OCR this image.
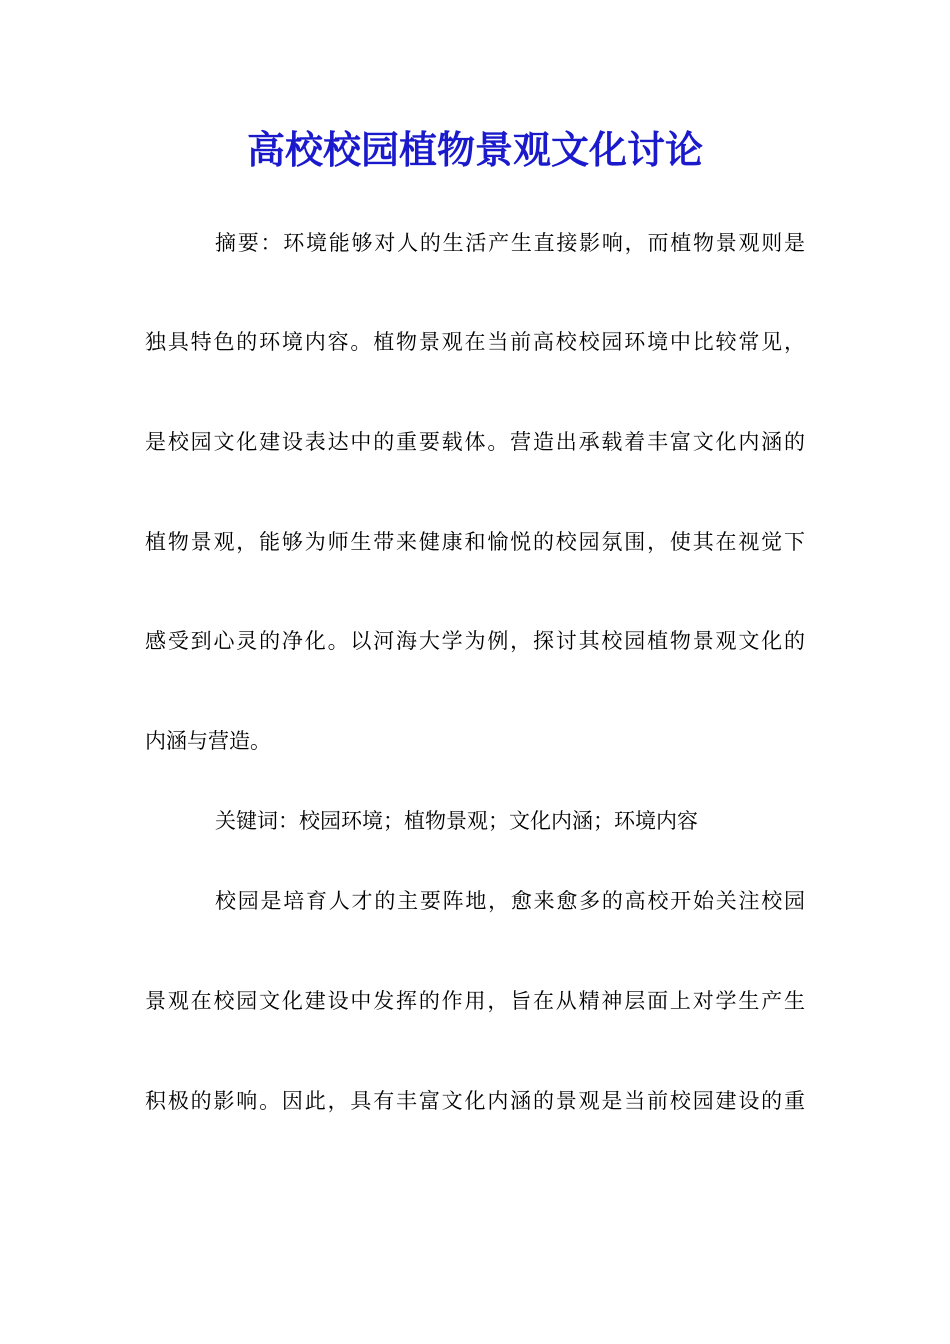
高校校园植物景观文化讨论
摘要：环境能够对人的生活产生直接影响，而植物景观则是
独具特色的环境内容。植物景观在当前高校校园环境中比较常见，
是校园文化建设表达中的重要载体。营造出承载着丰富文化内涵的
植物景观，能够为师生带来健康和愉悦的校园氛围，使其在视觉下
感受到心灵的净化。以河海大学为例，探讨其校园植物景观文化的
内涵与营造。
关键词：校园环境；植物景观；文化内涵；环境内容
校园是培育人才的主要阵地，愈来愈多的高校开始关注校园
景观在校园文化建设中发挥的作用，旨在从精神层面上对学生产生
积极的影响。因此，具有丰富文化内涵的景观是当前校园建设的重
